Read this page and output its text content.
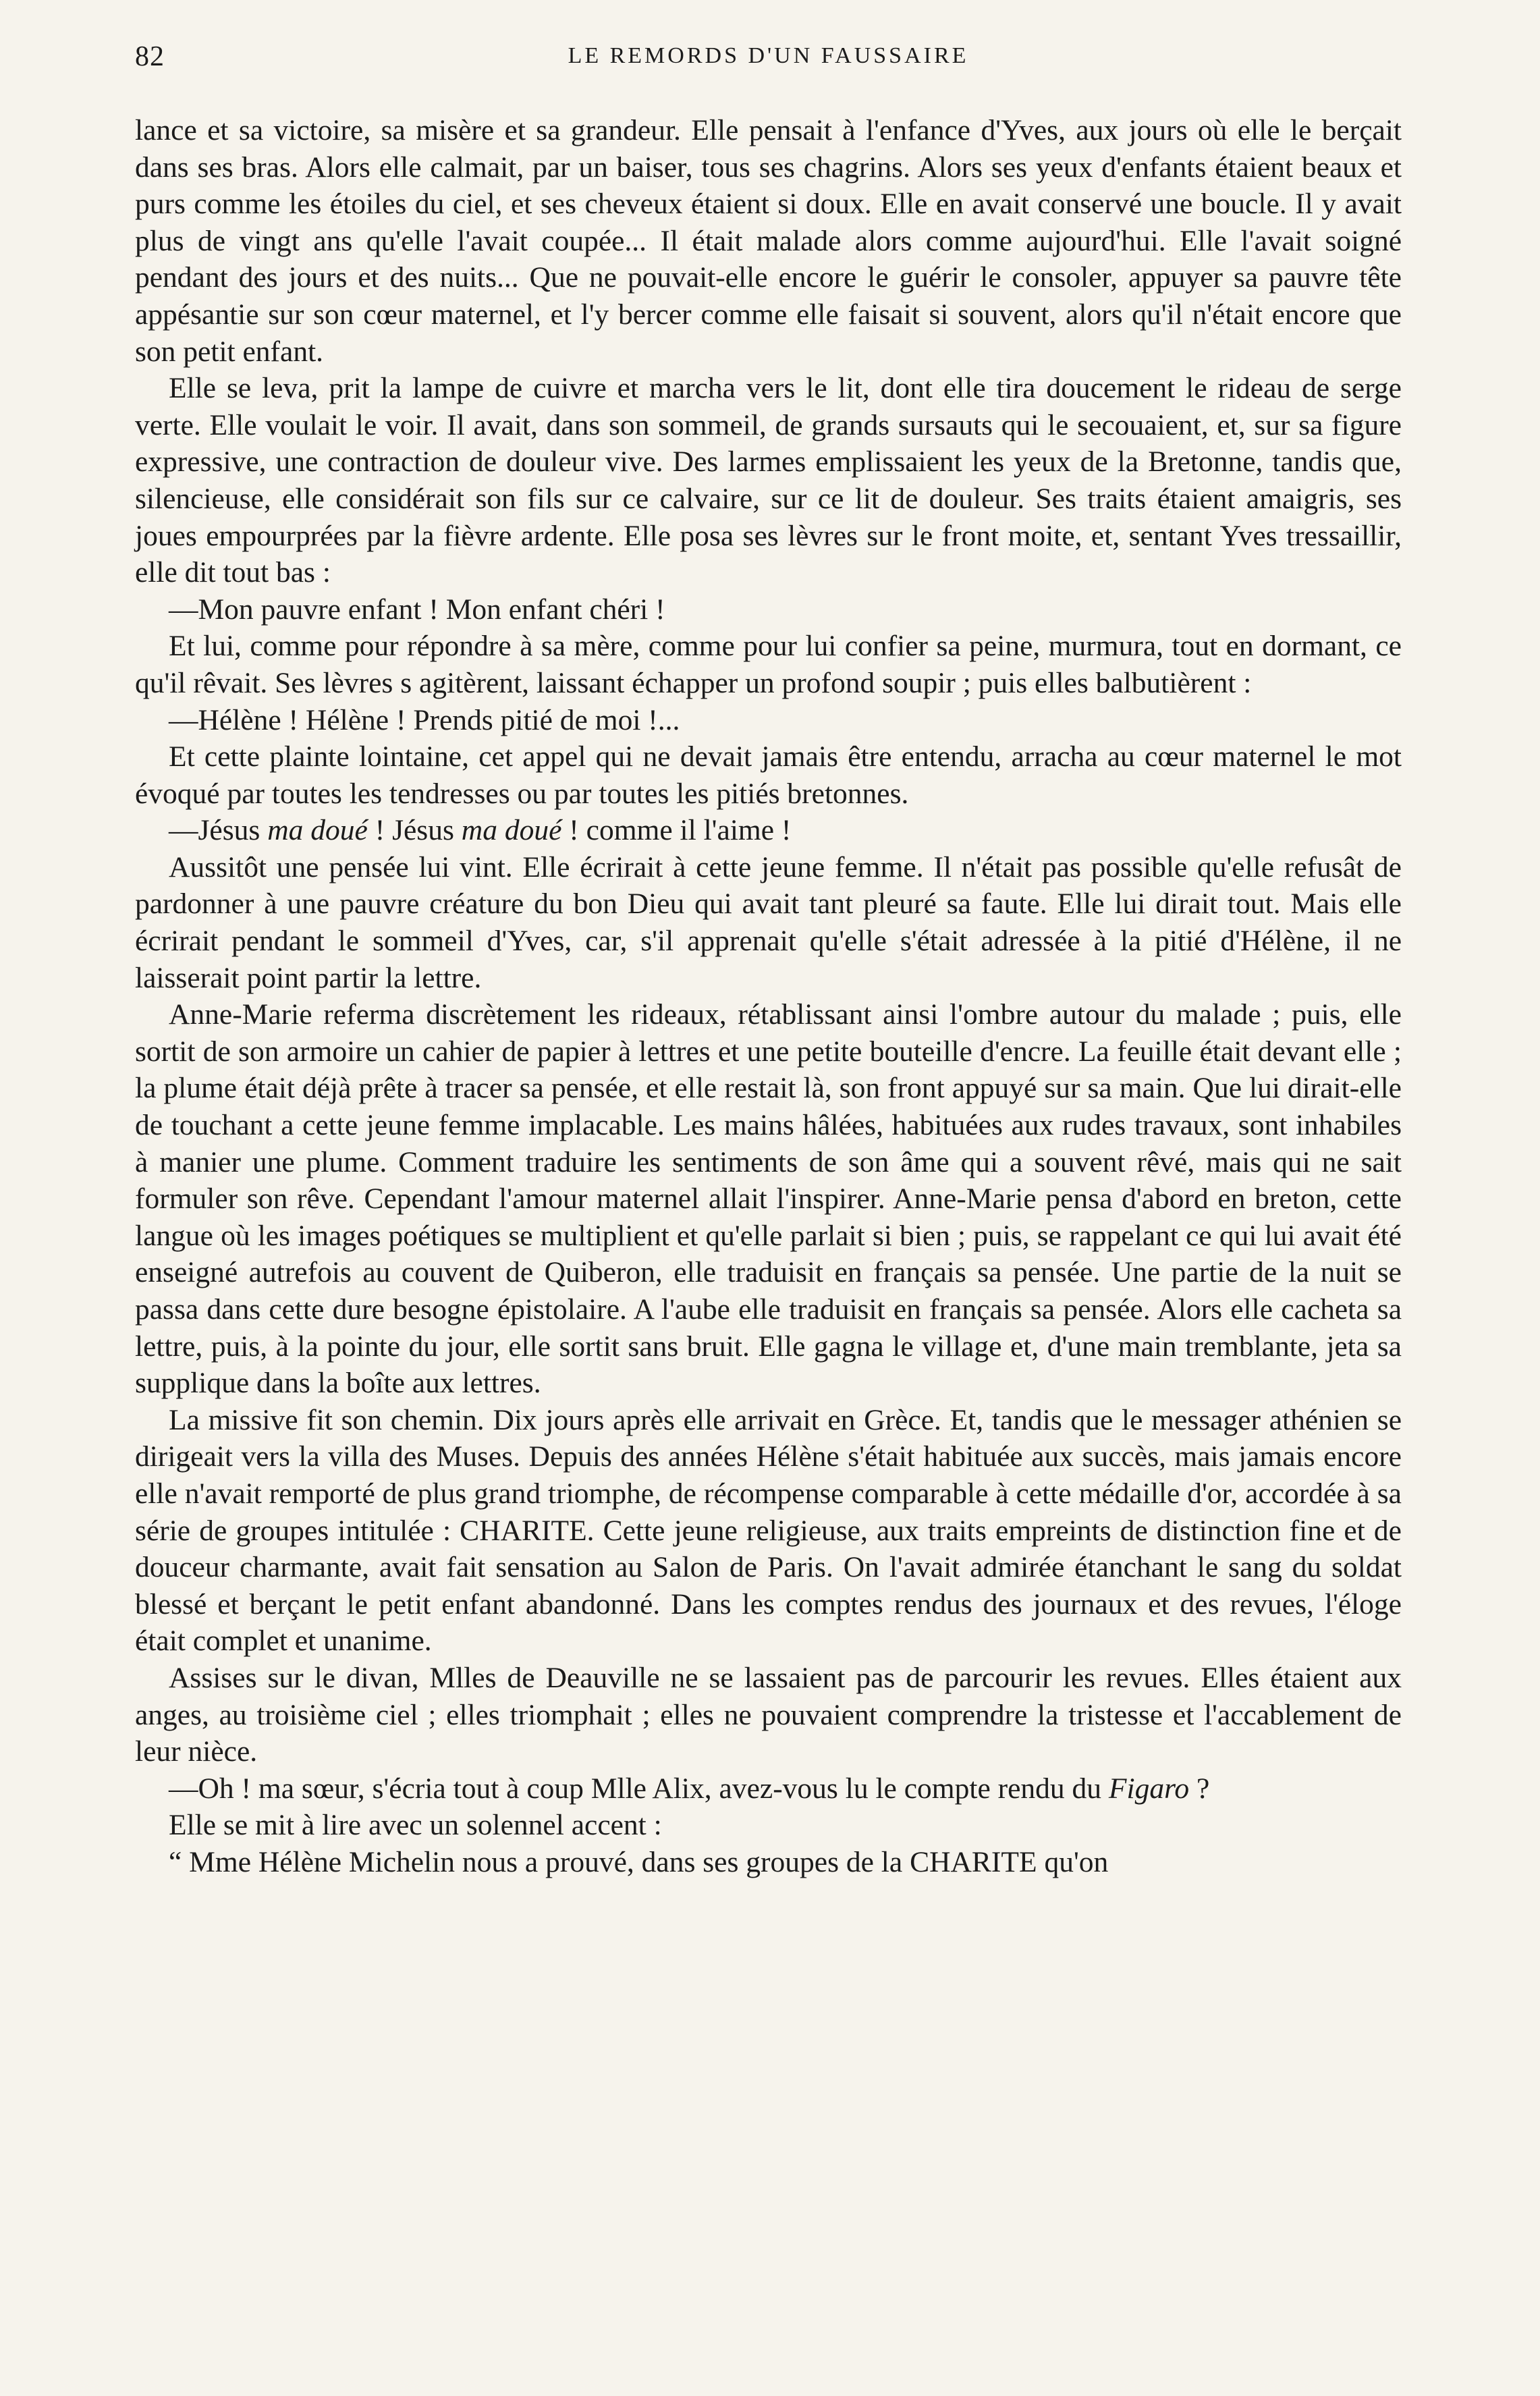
82	LE REMORDS D'UN FAUSSAIRE

lance et sa victoire, sa misère et sa grandeur. Elle pensait à l'enfance d'Yves, aux jours où elle le berçait dans ses bras. Alors elle calmait, par un baiser, tous ses chagrins. Alors ses yeux d'enfants étaient beaux et purs comme les étoiles du ciel, et ses cheveux étaient si doux. Elle en avait conservé une boucle. Il y avait plus de vingt ans qu'elle l'avait coupée... Il était malade alors comme aujourd'hui. Elle l'avait soigné pendant des jours et des nuits... Que ne pouvait-elle encore le guérir le consoler, appuyer sa pauvre tête appésantie sur son cœur maternel, et l'y bercer comme elle faisait si souvent, alors qu'il n'était encore que son petit enfant.

Elle se leva, prit la lampe de cuivre et marcha vers le lit, dont elle tira doucement le rideau de serge verte. Elle voulait le voir. Il avait, dans son sommeil, de grands sursauts qui le secouaient, et, sur sa figure expressive, une contraction de douleur vive. Des larmes emplissaient les yeux de la Bretonne, tandis que, silencieuse, elle considérait son fils sur ce calvaire, sur ce lit de douleur. Ses traits étaient amaigris, ses joues empourprées par la fièvre ardente. Elle posa ses lèvres sur le front moite, et, sentant Yves tressaillir, elle dit tout bas :

—Mon pauvre enfant ! Mon enfant chéri !

Et lui, comme pour répondre à sa mère, comme pour lui confier sa peine, murmura, tout en dormant, ce qu'il rêvait. Ses lèvres s agitèrent, laissant échapper un profond soupir ; puis elles balbutièrent :

—Hélène ! Hélène ! Prends pitié de moi !...

Et cette plainte lointaine, cet appel qui ne devait jamais être entendu, arracha au cœur maternel le mot évoqué par toutes les tendresses ou par toutes les pitiés bretonnes.

—Jésus ma doué ! Jésus ma doué ! comme il l'aime !

Aussitôt une pensée lui vint. Elle écrirait à cette jeune femme. Il n'était pas possible qu'elle refusât de pardonner à une pauvre créature du bon Dieu qui avait tant pleuré sa faute. Elle lui dirait tout. Mais elle écrirait pendant le sommeil d'Yves, car, s'il apprenait qu'elle s'était adressée à la pitié d'Hélène, il ne laisserait point partir la lettre.

Anne-Marie referma discrètement les rideaux, rétablissant ainsi l'ombre autour du malade ; puis, elle sortit de son armoire un cahier de papier à lettres et une petite bouteille d'encre. La feuille était devant elle ; la plume était déjà prête à tracer sa pensée, et elle restait là, son front appuyé sur sa main. Que lui dirait-elle de touchant a cette jeune femme implacable. Les mains hâlées, habituées aux rudes travaux, sont inhabiles à manier une plume. Comment traduire les sentiments de son âme qui a souvent rêvé, mais qui ne sait formuler son rêve. Cependant l'amour maternel allait l'inspirer. Anne-Marie pensa d'abord en breton, cette langue où les images poétiques se multiplient et qu'elle parlait si bien ; puis, se rappelant ce qui lui avait été enseigné autrefois au couvent de Quiberon, elle traduisit en français sa pensée. Une partie de la nuit se passa dans cette dure besogne épistolaire. A l'aube elle traduisit en français sa pensée. Alors elle cacheta sa lettre, puis, à la pointe du jour, elle sortit sans bruit. Elle gagna le village et, d'une main tremblante, jeta sa supplique dans la boîte aux lettres.

La missive fit son chemin. Dix jours après elle arrivait en Grèce. Et, tandis que le messager athénien se dirigeait vers la villa des Muses. Depuis des années Hélène s'était habituée aux succès, mais jamais encore elle n'avait remporté de plus grand triomphe, de récompense comparable à cette médaille d'or, accordée à sa série de groupes intitulée : CHARITE. Cette jeune religieuse, aux traits empreints de distinction fine et de douceur charmante, avait fait sensation au Salon de Paris. On l'avait admirée étanchant le sang du soldat blessé et berçant le petit enfant abandonné. Dans les comptes rendus des journaux et des revues, l'éloge était complet et unanime.

Assises sur le divan, Mlles de Deauville ne se lassaient pas de parcourir les revues. Elles étaient aux anges, au troisième ciel ; elles triomphait ; elles ne pouvaient comprendre la tristesse et l'accablement de leur nièce.

—Oh ! ma sœur, s'écria tout à coup Mlle Alix, avez-vous lu le compte rendu du Figaro ?

Elle se mit à lire avec un solennel accent :

“ Mme Hélène Michelin nous a prouvé, dans ses groupes de la CHARITE qu'on
